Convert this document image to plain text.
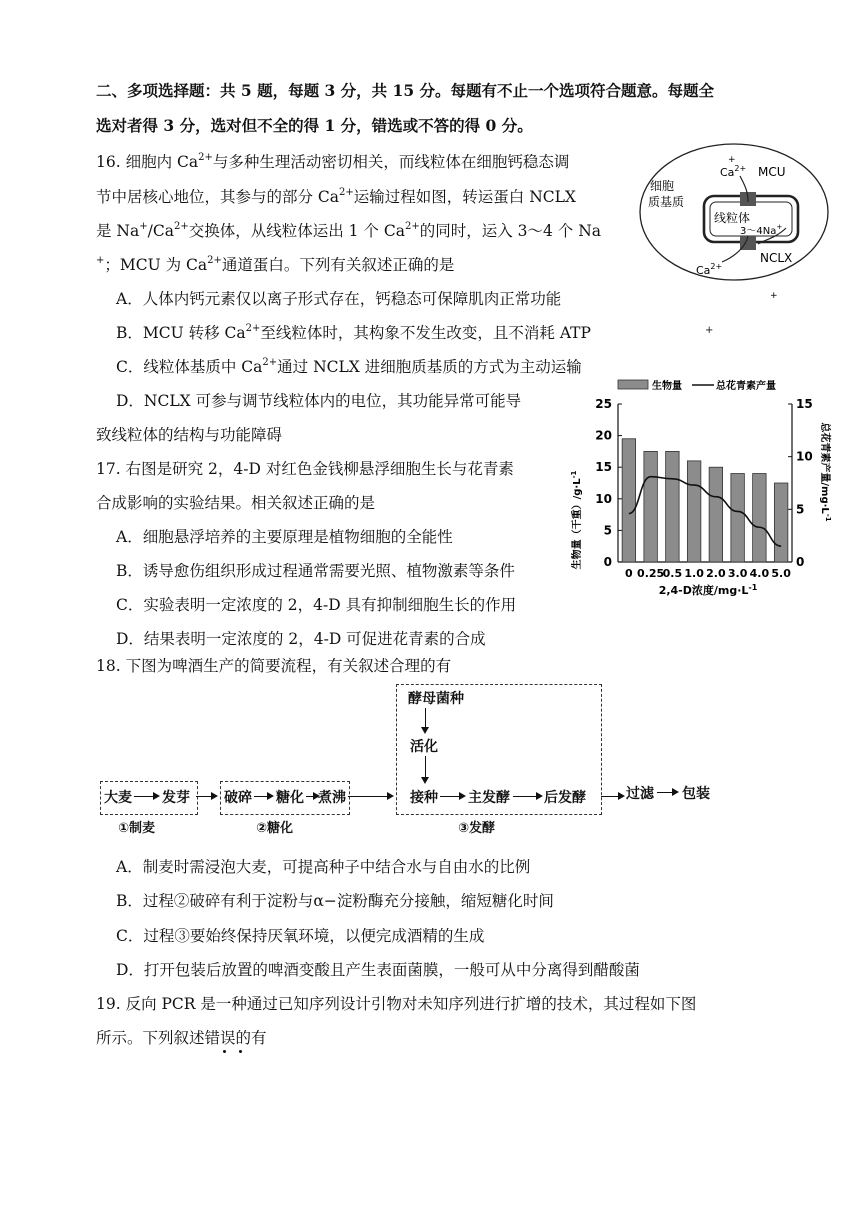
二、多项选择题：共 5 题，每题 3 分，共 15 分。每题有不止一个选项符合题意。每题全
选对者得 3 分，选对但不全的得 1 分，错选或不答的得 0 分。
16. 细胞内 $Ca^{2+}$与多种生理活动密切相关，而线粒体在细胞钙稳态调
节中居核心地位，其参与的部分 $Ca^{2+}$运输过程如图，转运蛋白 NCLX
是 $Na^+/Ca^{2+}$交换体，从线粒体运出 1 个 $Ca^{2+}$的同时，运入 3～4 个 Na
+；MCU 为 $Ca^{2+}$通道蛋白。下列有关叙述正确的是
A．人体内钙元素仅以离子形式存在，钙稳态可保障肌肉正常功能
B．MCU 转移 $Ca^{2+}$至线粒体时，其构象不发生改变，且不消耗 ATP
C．线粒体基质中 $Ca^{2+}$通过 NCLX 进细胞质基质的方式为主动运输
D．NCLX 可参与调节线粒体内的电位，其功能异常可能导
致线粒体的结构与功能障碍
细胞
质基质
$Ca^{2+}$
+
MCU
线粒体
3～4Na+
NCLX
$Ca^{2+}$
+
+
17. 右图是研究 2，4-D 对红色金钱柳悬浮细胞生长与花青素
合成影响的实验结果。相关叙述正确的是
A．细胞悬浮培养的主要原理是植物细胞的全能性
B．诱导愈伤组织形成过程通常需要光照、植物激素等条件
C．实验表明一定浓度的 2，4-D 具有抑制细胞生长的作用
D．结果表明一定浓度的 2，4-D 可促进花青素的合成
生物量	总花青素产量
0
5
10
15
20
25
0
5
10
15
0 0.25
0.5 1.0 2.0 3.0 4.0 5.0
生物量（干重）$/g\cdot L^{-1}$	总花青素产量$/mg\cdot L^{-1}$
2,4-D浓度$/mg\cdot L^{-1}$
18. 下图为啤酒生产的简要流程，有关叙述合理的有
酵母菌种
活化
大麦 发芽 破碎 糖化 煮沸	接种 主发酵 后发酵	过滤 包装
①制麦	②糖化	③发酵
A．制麦时需浸泡大麦，可提高种子中结合水与自由水的比例
B．过程②破碎有利于淀粉与α−淀粉酶充分接触，缩短糖化时间
C．过程③要始终保持厌氧环境，以便完成酒精的生成
D．打开包装后放置的啤酒变酸且产生表面菌膜，一般可从中分离得到醋酸菌
19. 反向 PCR 是一种通过已知序列设计引物对未知序列进行扩增的技术，其过程如下图
所示。下列叙述错误的有
